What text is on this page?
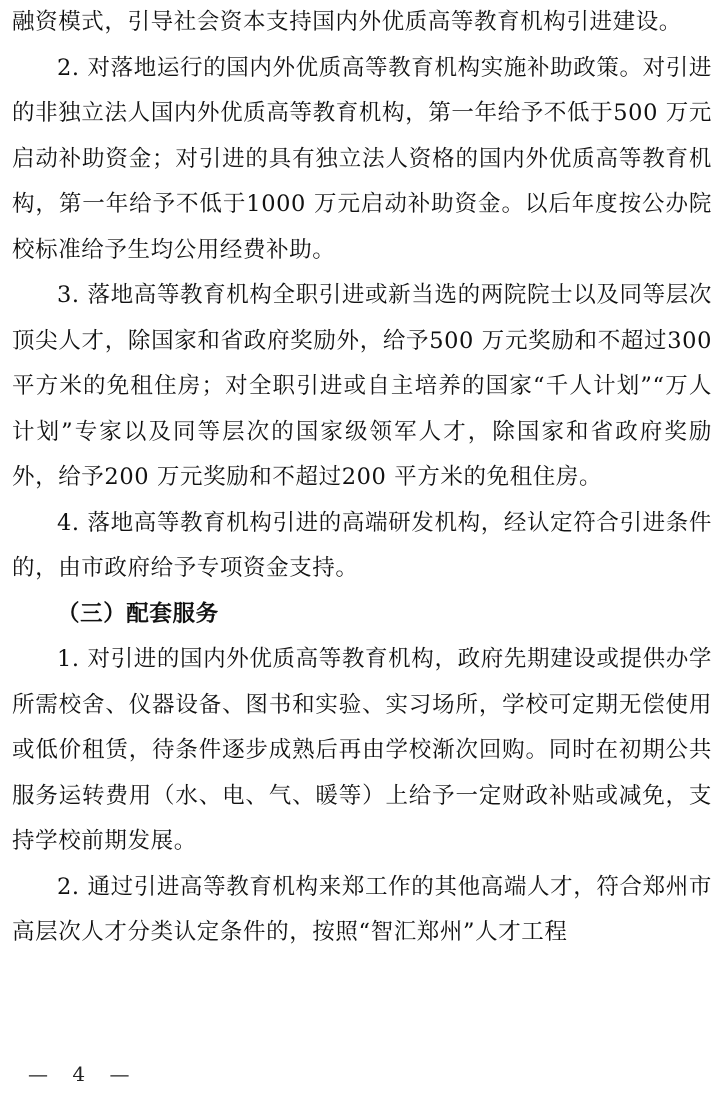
融资模式，引导社会资本支持国内外优质高等教育机构引进建设。

2. 对落地运行的国内外优质高等教育机构实施补助政策。对引进的非独立法人国内外优质高等教育机构，第一年给予不低于500 万元启动补助资金；对引进的具有独立法人资格的国内外优质高等教育机构，第一年给予不低于1000 万元启动补助资金。以后年度按公办院校标准给予生均公用经费补助。

3. 落地高等教育机构全职引进或新当选的两院院士以及同等层次顶尖人才，除国家和省政府奖励外，给予500 万元奖励和不超过300 平方米的免租住房；对全职引进或自主培养的国家“千人计划”“万人计划”专家以及同等层次的国家级领军人才，除国家和省政府奖励外，给予200 万元奖励和不超过200 平方米的免租住房。

4. 落地高等教育机构引进的高端研发机构，经认定符合引进条件的，由市政府给予专项资金支持。

（三）配套服务

1. 对引进的国内外优质高等教育机构，政府先期建设或提供办学所需校舍、仪器设备、图书和实验、实习场所，学校可定期无偿使用或低价租赁，待条件逐步成熟后再由学校渐次回购。同时在初期公共服务运转费用（水、电、气、暖等）上给予一定财政补贴或减免，支持学校前期发展。

2. 通过引进高等教育机构来郑工作的其他高端人才，符合郑州市高层次人才分类认定条件的，按照“智汇郑州”人才工程

— 4 —
